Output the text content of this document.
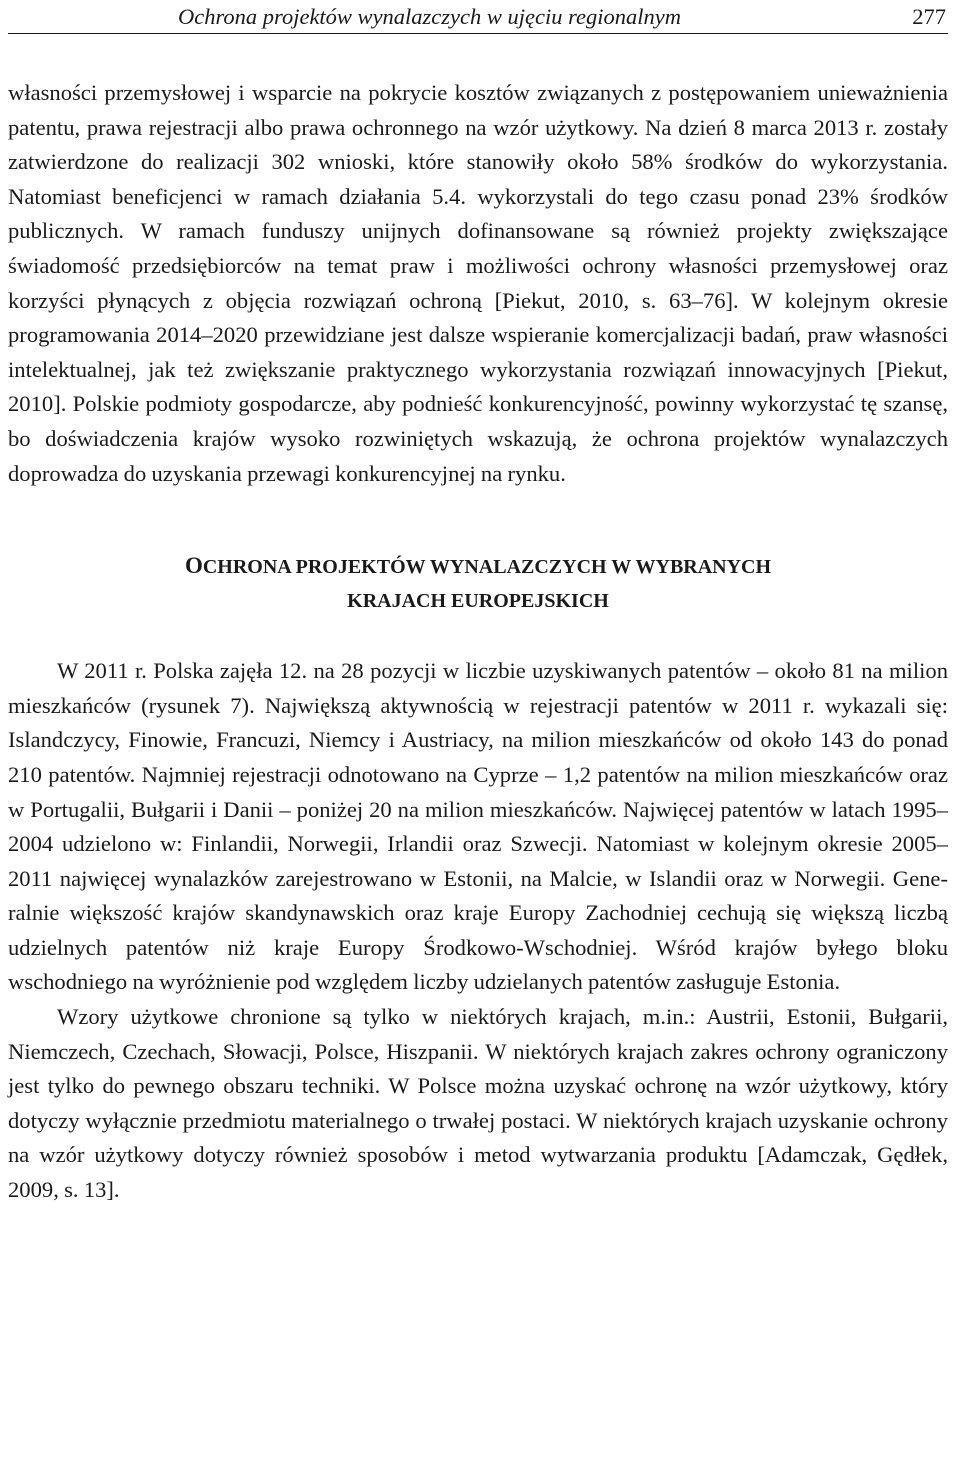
Ochrona projektów wynalazczych w ujęciu regionalnym	277

własności przemysłowej i wsparcie na pokrycie kosztów związanych z postępowaniem unieważnienia patentu, prawa rejestracji albo prawa ochronnego na wzór użytkowy. Na dzień 8 marca 2013 r. zostały zatwierdzone do realizacji 302 wnioski, które stanowiły około 58% środków do wykorzystania. Natomiast beneficjenci w ramach działania 5.4. wykorzystali do tego czasu ponad 23% środków publicznych. W ramach funduszy unijnych dofinansowane są również projekty zwiększające świadomość przedsiębiorców na temat praw i możliwości ochrony własności przemysłowej oraz korzyści płynących z objęcia rozwiązań ochroną [Piekut, 2010, s. 63–76]. W kolejnym okresie programowania 2014–2020 przewidziane jest dalsze wspieranie komercjalizacji badań, praw własności intelektualnej, jak też zwiększanie praktycznego wykorzystania rozwiązań innowacyjnych [Piekut, 2010]. Polskie podmioty gospodarcze, aby podnieść konkurencyjność, powinny wykorzystać tę szansę, bo doświadczenia krajów wysoko rozwiniętych wskazują, że ochrona projektów wynalazczych doprowadza do uzyskania przewagi konkurencyjnej na rynku.

OCHRONA PROJEKTÓW WYNALAZCZYCH W WYBRANYCH
KRAJACH EUROPEJSKICH

W 2011 r. Polska zajęła 12. na 28 pozycji w liczbie uzyskiwanych patentów – około 81 na milion mieszkańców (rysunek 7). Największą aktywnością w rejestracji patentów w 2011 r. wykazali się: Islandczycy, Finowie, Francuzi, Niemcy i Austriacy, na milion mieszkańców od około 143 do ponad 210 patentów. Najmniej rejestracji odnotowano na Cyprze – 1,2 patentów na milion mieszkańców oraz w Portugalii, Bułgarii i Danii – poniżej 20 na milion mieszkańców. Najwięcej patentów w latach 1995–2004 udzielono w: Finlandii, Norwegii, Irlandii oraz Szwecji. Natomiast w kolejnym okresie 2005–2011 najwięcej wynalazków zarejestrowano w Estonii, na Malcie, w Islandii oraz w Norwegii. Generalnie większość krajów skandynawskich oraz kraje Europy Zachodniej cechują się większą liczbą udzielnych patentów niż kraje Europy Środkowo-Wschodniej. Wśród krajów byłego bloku wschodniego na wyróżnienie pod względem liczby udzielanych patentów zasługuje Estonia.

Wzory użytkowe chronione są tylko w niektórych krajach, m.in.: Austrii, Estonii, Bułgarii, Niemczech, Czechach, Słowacji, Polsce, Hiszpanii. W niektórych krajach zakres ochrony ograniczony jest tylko do pewnego obszaru techniki. W Polsce można uzyskać ochronę na wzór użytkowy, który dotyczy wyłącznie przedmiotu materialnego o trwałej postaci. W niektórych krajach uzyskanie ochrony na wzór użytkowy dotyczy również sposobów i metod wytwarzania produktu [Adamczak, Gędłek, 2009, s. 13].
